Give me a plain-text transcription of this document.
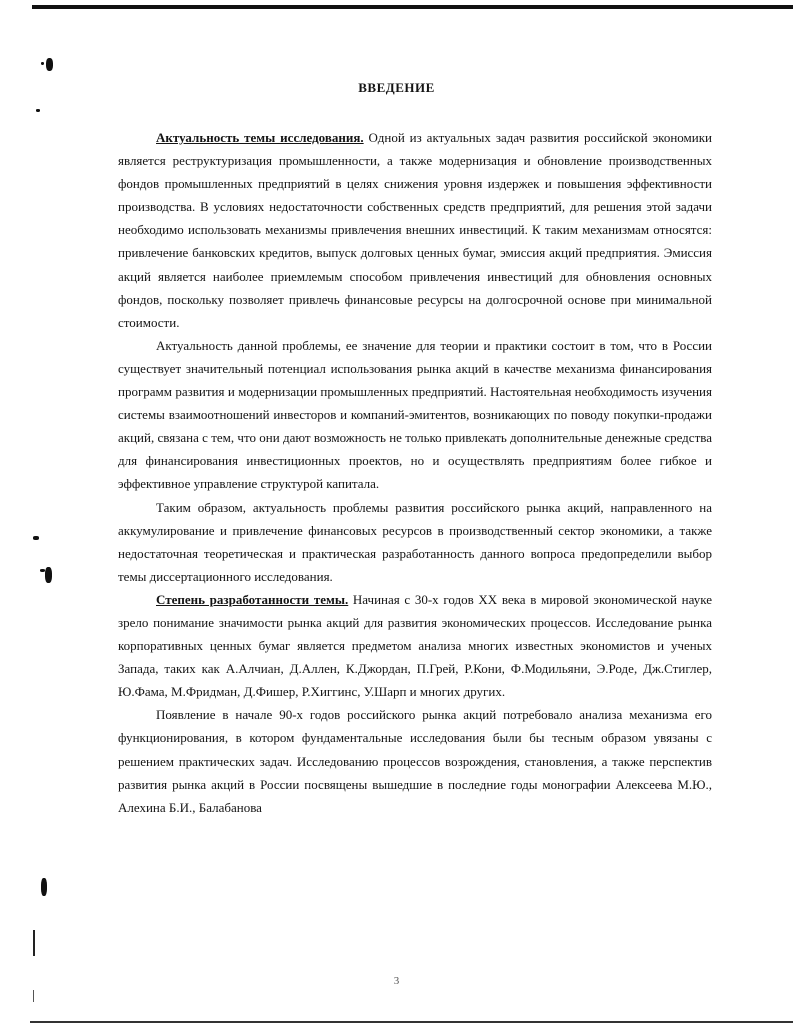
ВВЕДЕНИЕ

Актуальность темы исследования. Одной из актуальных задач развития российской экономики является реструктуризация промышленности, а также модернизация и обновление производственных фондов промышленных предприятий в целях снижения уровня издержек и повышения эффективности производства. В условиях недостаточности собственных средств предприятий, для решения этой задачи необходимо использовать механизмы привлечения внешних инвестиций. К таким механизмам относятся: привлечение банковских кредитов, выпуск долговых ценных бумаг, эмиссия акций предприятия. Эмиссия акций является наиболее приемлемым способом привлечения инвестиций для обновления основных фондов, поскольку позволяет привлечь финансовые ресурсы на долгосрочной основе при минимальной стоимости.

Актуальность данной проблемы, ее значение для теории и практики состоит в том, что в России существует значительный потенциал использования рынка акций в качестве механизма финансирования программ развития и модернизации промышленных предприятий. Настоятельная необходимость изучения системы взаимоотношений инвесторов и компаний-эмитентов, возникающих по поводу покупки-продажи акций, связана с тем, что они дают возможность не только привлекать дополнительные денежные средства для финансирования инвестиционных проектов, но и осуществлять предприятиям более гибкое и эффективное управление структурой капитала.

Таким образом, актуальность проблемы развития российского рынка акций, направленного на аккумулирование и привлечение финансовых ресурсов в производственный сектор экономики, а также недостаточная теоретическая и практическая разработанность данного вопроса предопределили выбор темы диссертационного исследования.

Степень разработанности темы. Начиная с 30-х годов XX века в мировой экономической науке зрело понимание значимости рынка акций для развития экономических процессов. Исследование рынка корпоративных ценных бумаг является предметом анализа многих известных экономистов и ученых Запада, таких как А.Алчиан, Д.Аллен, К.Джордан, П.Грей, Р.Кони, Ф.Модильяни, Э.Роде, Дж.Стиглер, Ю.Фама, М.Фридман, Д.Фишер, Р.Хиггинс, У.Шарп и многих других.

Появление в начале 90-х годов российского рынка акций потребовало анализа механизма его функционирования, в котором фундаментальные исследования были бы тесным образом увязаны с решением практических задач. Исследованию процессов возрождения, становления, а также перспектив развития рынка акций в России посвящены вышедшие в последние годы монографии Алексеева М.Ю., Алехина Б.И., Балабанова

3
